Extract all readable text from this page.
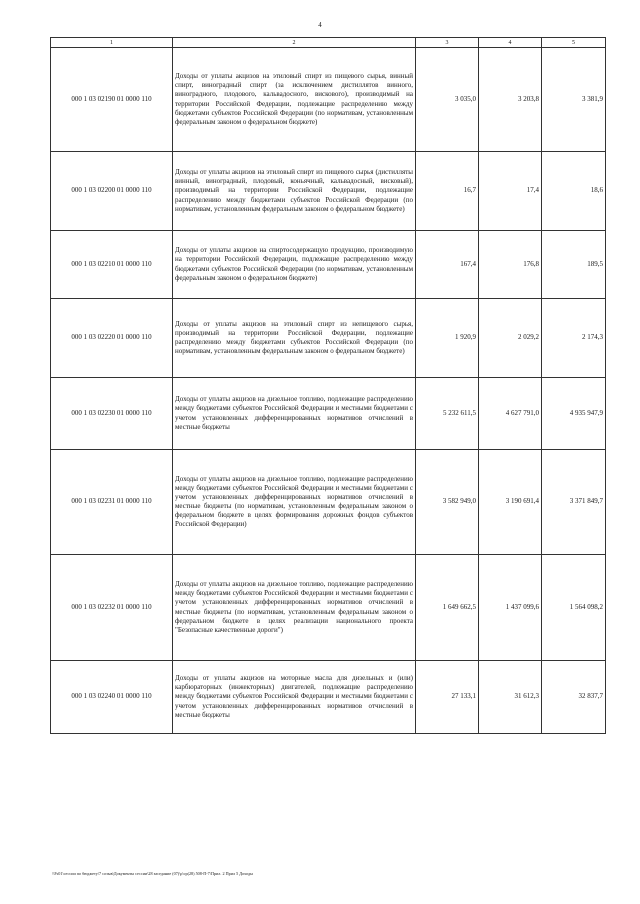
4
1	2	3	4	5
000 1 03 02190 01 0000 110	Доходы от уплаты акцизов на этиловый спирт из пищевого сырья, винный спирт, виноградный спирт (за исключением дистиллятов винного, виноградного, плодового, кальвадосного, вискового), производимый на территории Российской Федерации, подлежащие распределению между бюджетами субъектов Российской Федерации (по нормативам, установленным федеральным законом о федеральном бюджете)	3 035,0	3 203,8	3 381,9
000 1 03 02200 01 0000 110	Доходы от уплаты акцизов на этиловый спирт из пищевого сырья (дистилляты винный, виноградный, плодовый, коньячный, кальвадосный, висковый), производимый на территории Российской Федерации, подлежащие распределению между бюджетами субъектов Российской Федерации (по нормативам, установленным федеральным законом о федеральном бюджете)	16,7	17,4	18,6
000 1 03 02210 01 0000 110	Доходы от уплаты акцизов на спиртосодержащую продукцию, производимую на территории Российской Федерации, подлежащие распределению между бюджетами субъектов Российской Федерации (по нормативам, установленным федеральным законом о федеральном бюджете)	167,4	176,8	189,5
000 1 03 02220 01 0000 110	Доходы от уплаты акцизов на этиловый спирт из непищевого сырья, производимый на территории Российской Федерации, подлежащие распределению между бюджетами субъектов Российской Федерации (по нормативам, установленным федеральным законом о федеральном бюджете)	1 920,9	2 029,2	2 174,3
000 1 03 02230 01 0000 110	Доходы от уплаты акцизов на дизельное топливо, подлежащие распределению между бюджетами субъектов Российской Федерации и местными бюджетами с учетом установленных дифференцированных нормативов отчислений в местные бюджеты	5 232 611,5	4 627 791,0	4 935 947,9
000 1 03 02231 01 0000 110	Доходы от уплаты акцизов на дизельное топливо, подлежащие распределению между бюджетами субъектов Российской Федерации и местными бюджетами с учетом установленных дифференцированных нормативов отчислений в местные бюджеты (по нормативам, установленным федеральным законом о федеральном бюджете в целях формирования дорожных фондов субъектов Российской Федерации)	3 582 949,0	3 190 691,4	3 371 849,7
000 1 03 02232 01 0000 110	Доходы от уплаты акцизов на дизельное топливо, подлежащие распределению между бюджетами субъектов Российской Федерации и местными бюджетами с учетом установленных дифференцированных нормативов отчислений в местные бюджеты (по нормативам, установленным федеральным законом о федеральном бюджете в целях реализации национального проекта "Безопасные качественные дороги")	1 649 662,5	1 437 099,6	1 564 098,2
000 1 03 02240 01 0000 110	Доходы от уплаты акцизов на моторные масла для дизельных и (или) карбюраторных (инжекторных) двигателей, подлежащие распределению между бюджетами субъектов Российской Федерации и местными бюджетами с учетом установленных дифференцированных нормативов отчислений в местные бюджеты	27 133,1	31 612,3	32 837,7
\\Fs01\сессии по бюджету\7 созыв\Документы сессии\28 заседание (07)\р\ср(28) 508-П-7\Прил. 2 Прил 5 Доходы
